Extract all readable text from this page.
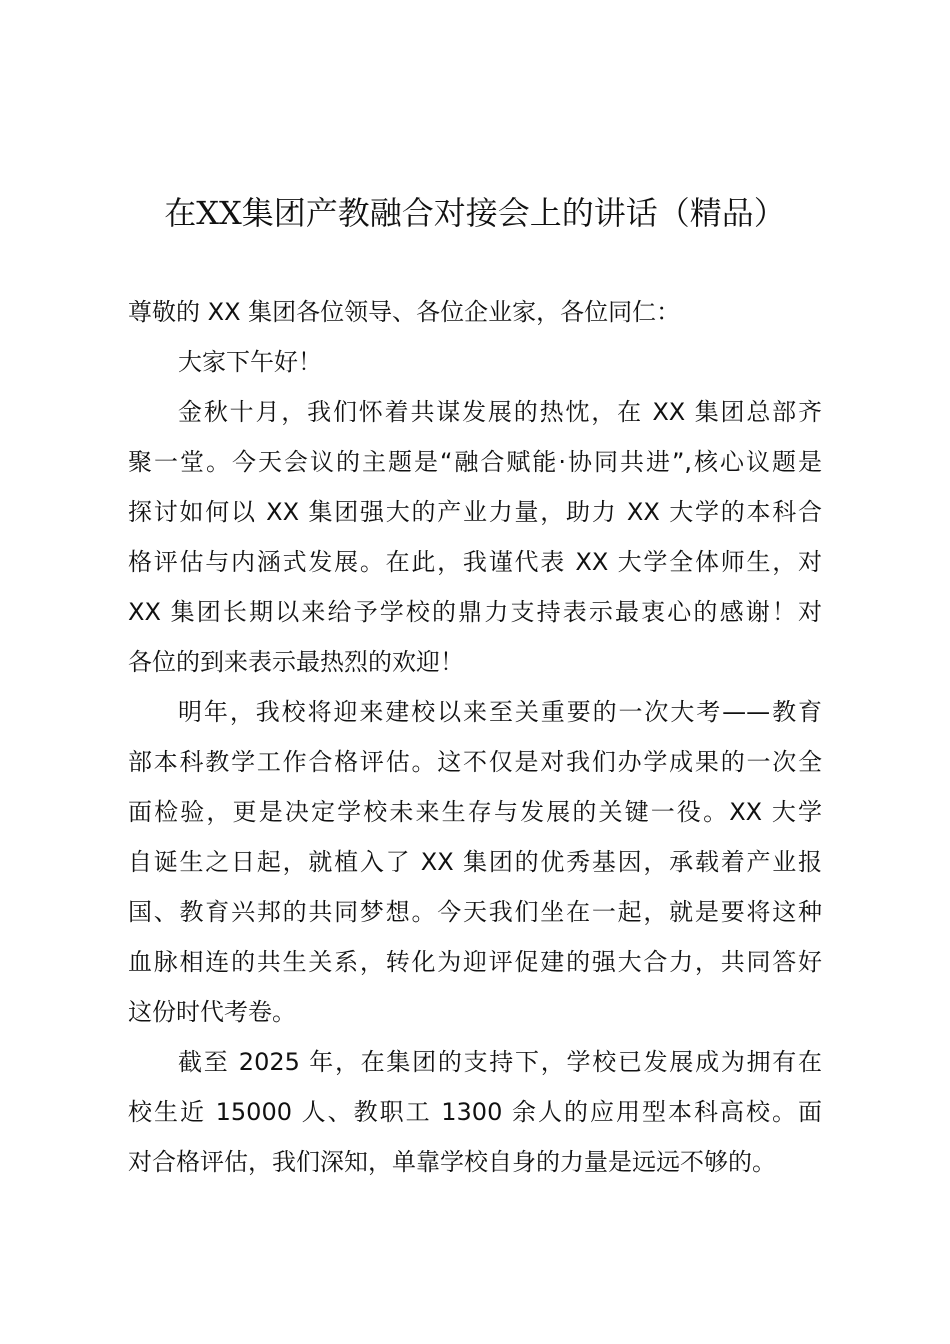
在XX集团产教融合对接会上的讲话（精品）
尊敬的 XX 集团各位领导、各位企业家，各位同仁：
大家下午好！
金秋十月，我们怀着共谋发展的热忱，在 XX 集团总部齐
聚一堂。今天会议的主题是“融合赋能·协同共进”,核心议题是
探讨如何以 XX 集团强大的产业力量，助力 XX 大学的本科合
格评估与内涵式发展。在此，我谨代表 XX 大学全体师生，对
XX 集团长期以来给予学校的鼎力支持表示最衷心的感谢！对
各位的到来表示最热烈的欢迎！
明年，我校将迎来建校以来至关重要的一次大考——教育
部本科教学工作合格评估。这不仅是对我们办学成果的一次全
面检验，更是决定学校未来生存与发展的关键一役。XX 大学
自诞生之日起，就植入了 XX 集团的优秀基因，承载着产业报
国、教育兴邦的共同梦想。今天我们坐在一起，就是要将这种
血脉相连的共生关系，转化为迎评促建的强大合力，共同答好
这份时代考卷。
截至 2025 年，在集团的支持下，学校已发展成为拥有在
校生近 15000 人、教职工 1300 余人的应用型本科高校。面
对合格评估，我们深知，单靠学校自身的力量是远远不够的。
